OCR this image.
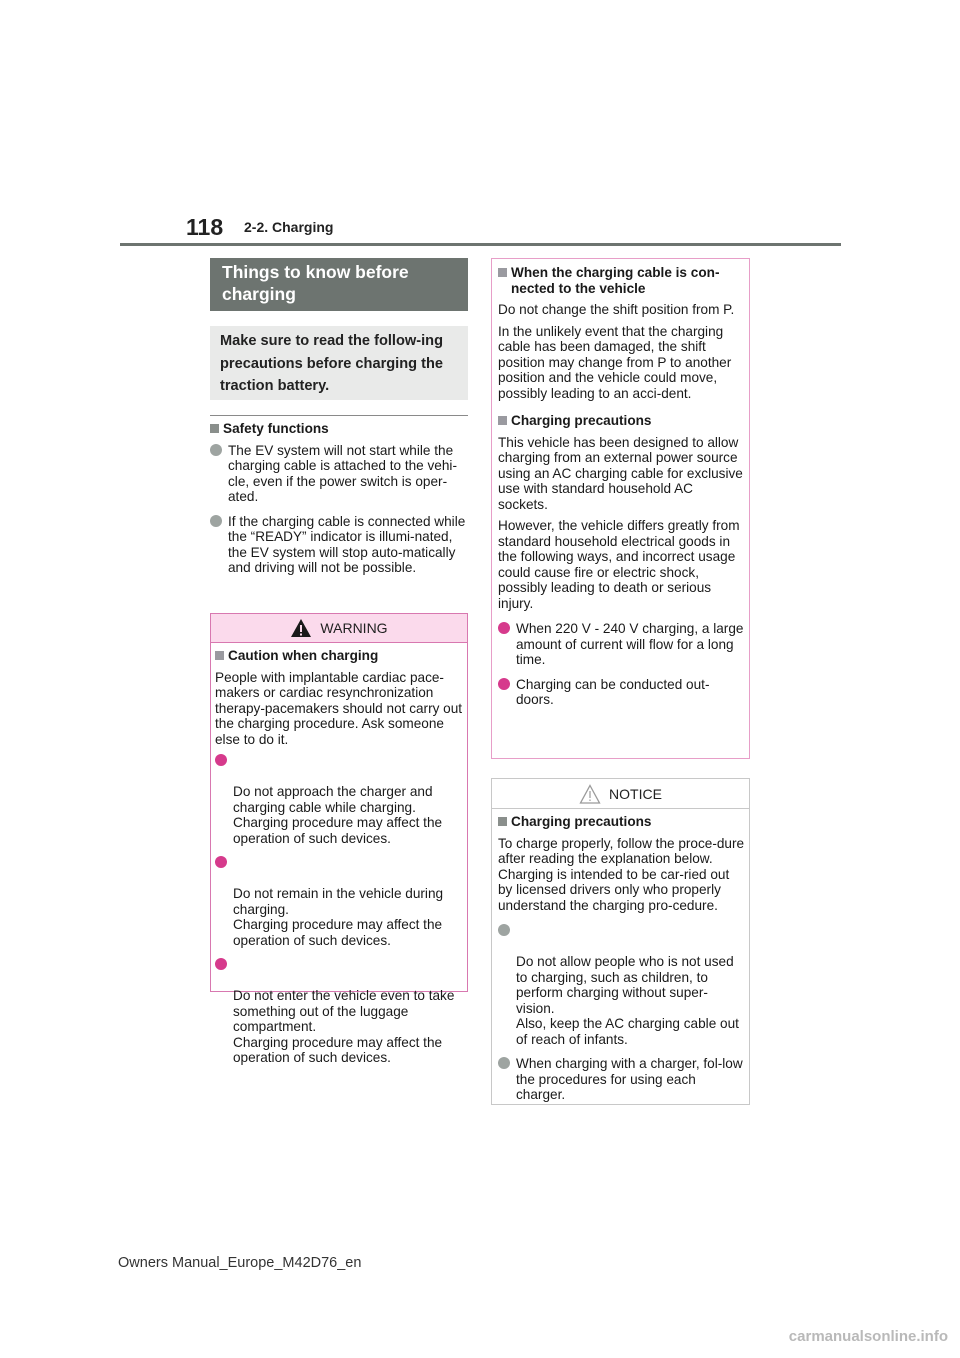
118 2-2. Charging
Things to know before charging
Make sure to read the follow-ing precautions before charging the traction battery.
Safety functions
The EV system will not start while the charging cable is attached to the vehi-cle, even if the power switch is oper-ated.
If the charging cable is connected while the “READY” indicator is illumi-nated, the EV system will stop auto-matically and driving will not be possible.
WARNING
Caution when charging
People with implantable cardiac pace-makers or cardiac resynchronization therapy-pacemakers should not carry out the charging procedure. Ask someone else to do it.

Do not approach the charger and charging cable while charging.
Charging procedure may affect the operation of such devices.

Do not remain in the vehicle during charging.
Charging procedure may affect the operation of such devices.

Do not enter the vehicle even to take something out of the luggage compartment.
Charging procedure may affect the operation of such devices.

When the charging cable is con-nected to the vehicle
Do not change the shift position from P.
In the unlikely event that the charging cable has been damaged, the shift position may change from P to another position and the vehicle could move, possibly leading to an acci-dent.
Charging precautions
This vehicle has been designed to allow charging from an external power source using an AC charging cable for exclusive use with standard household AC sockets.
However, the vehicle differs greatly from standard household electrical goods in the following ways, and incorrect usage could cause fire or electric shock, possibly leading to death or serious injury.
When 220 V - 240 V charging, a large amount of current will flow for a long time.
Charging can be conducted out-doors.
NOTICE
Charging precautions
To charge properly, follow the proce-dure after reading the explanation below. Charging is intended to be car-ried out by licensed drivers only who properly understand the charging pro-cedure.

Do not allow people who is not used to charging, such as children, to perform charging without super-vision.
Also, keep the AC charging cable out of reach of infants.

When charging with a charger, fol-low the procedures for using each charger.
Owners Manual_Europe_M42D76_en
carmanualsonline.info
